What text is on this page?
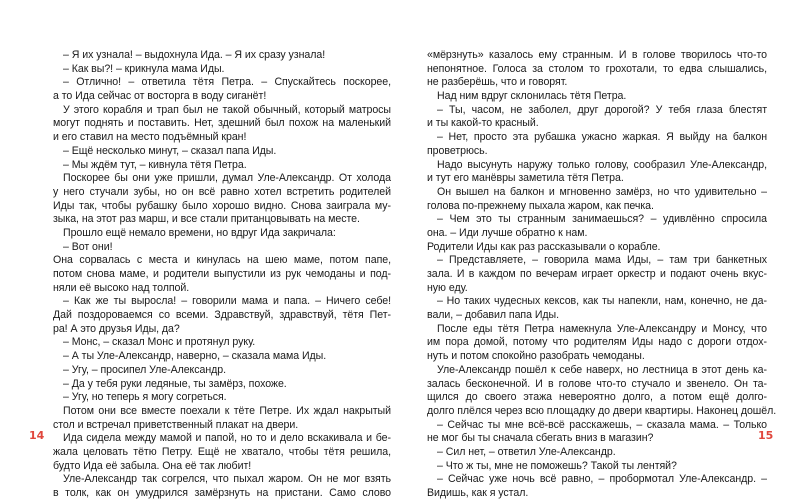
– Я их узнала! – выдохнула Ида. – Я их сразу узнала!
– Как вы?! – крикнула мама Иды.
– Отлично! – ответила тётя Петра. – Спускайтесь поскорее,
а то Ида сейчас от восторга в воду сиганёт!
У этого корабля и трап был не такой обычный, который матросы
могут поднять и поставить. Нет, здешний был похож на маленький
и его ставил на место подъёмный кран!
– Ещё несколько минут, – сказал папа Иды.
– Мы ждём тут, – кивнула тётя Петра.
Поскорее бы они уже пришли, думал Уле-Александр. От холода
у него стучали зубы, но он всё равно хотел встретить родителей
Иды так, чтобы рубашку было хорошо видно. Снова заиграла му-
зыка, на этот раз марш, и все стали пританцовывать на месте.
Прошло ещё немало времени, но вдруг Ида закричала:
– Вот они!
Она сорвалась с места и кинулась на шею маме, потом папе,
потом снова маме, и родители выпустили из рук чемоданы и под-
няли её высоко над толпой.
– Как же ты выросла! – говорили мама и папа. – Ничего себе!
Дай поздороваемся со всеми. Здравствуй, здравствуй, тётя Пет-
ра! А это друзья Иды, да?
– Монс, – сказал Монс и протянул руку.
– А ты Уле-Александр, наверно, – сказала мама Иды.
– Угу, – просипел Уле-Александр.
– Да у тебя руки ледяные, ты замёрз, похоже.
– Угу, но теперь я могу согреться.
Потом они все вместе поехали к тёте Петре. Их ждал накрытый
стол и встречал приветственный плакат на двери.
Ида сидела между мамой и папой, но то и дело вскакивала и бе-
жала целовать тётю Петру. Ещё не хватало, чтобы тётя решила,
будто Ида её забыла. Она её так любит!
Уле-Александр так согрелся, что пыхал жаром. Он не мог взять
в толк, как он умудрился замёрзнуть на пристани. Само слово
«мёрзнуть» казалось ему странным. И в голове творилось что-то
непонятное. Голоса за столом то грохотали, то едва слышались,
не разберёшь, что и говорят.
Над ним вдруг склонилась тётя Петра.
– Ты, часом, не заболел, друг дорогой? У тебя глаза блестят
и ты какой-то красный.
– Нет, просто эта рубашка ужасно жаркая. Я выйду на балкон
проветрюсь.
Надо высунуть наружу только голову, сообразил Уле-Александр,
и тут его манёвры заметила тётя Петра.
Он вышел на балкон и мгновенно замёрз, но что удивительно –
голова по-прежнему пыхала жаром, как печка.
– Чем это ты странным занимаешься? – удивлённо спросила
она. – Иди лучше обратно к нам.
Родители Иды как раз рассказывали о корабле.
– Представляете, – говорила мама Иды, – там три банкетных
зала. И в каждом по вечерам играет оркестр и подают очень вкус-
ную еду.
– Но таких чудесных кексов, как ты напекли, нам, конечно, не да-
вали, – добавил папа Иды.
После еды тётя Петра намекнула Уле-Александру и Монсу, что
им пора домой, потому что родителям Иды надо с дороги отдох-
нуть и потом спокойно разобрать чемоданы.
Уле-Александр пошёл к себе наверх, но лестница в этот день ка-
залась бесконечной. И в голове что-то стучало и звенело. Он та-
щился до своего этажа невероятно долго, а потом ещё долго-
долго плёлся через всю площадку до двери квартиры. Наконец дошёл.
– Сейчас ты мне всё-всё расскажешь, – сказала мама. – Только
не мог бы ты сначала сбегать вниз в магазин?
– Сил нет, – ответил Уле-Александр.
– Что ж ты, мне не поможешь? Такой ты лентяй?
– Сейчас уже ночь всё равно, – пробормотал Уле-Александр. –
Видишь, как я устал.
14	15
